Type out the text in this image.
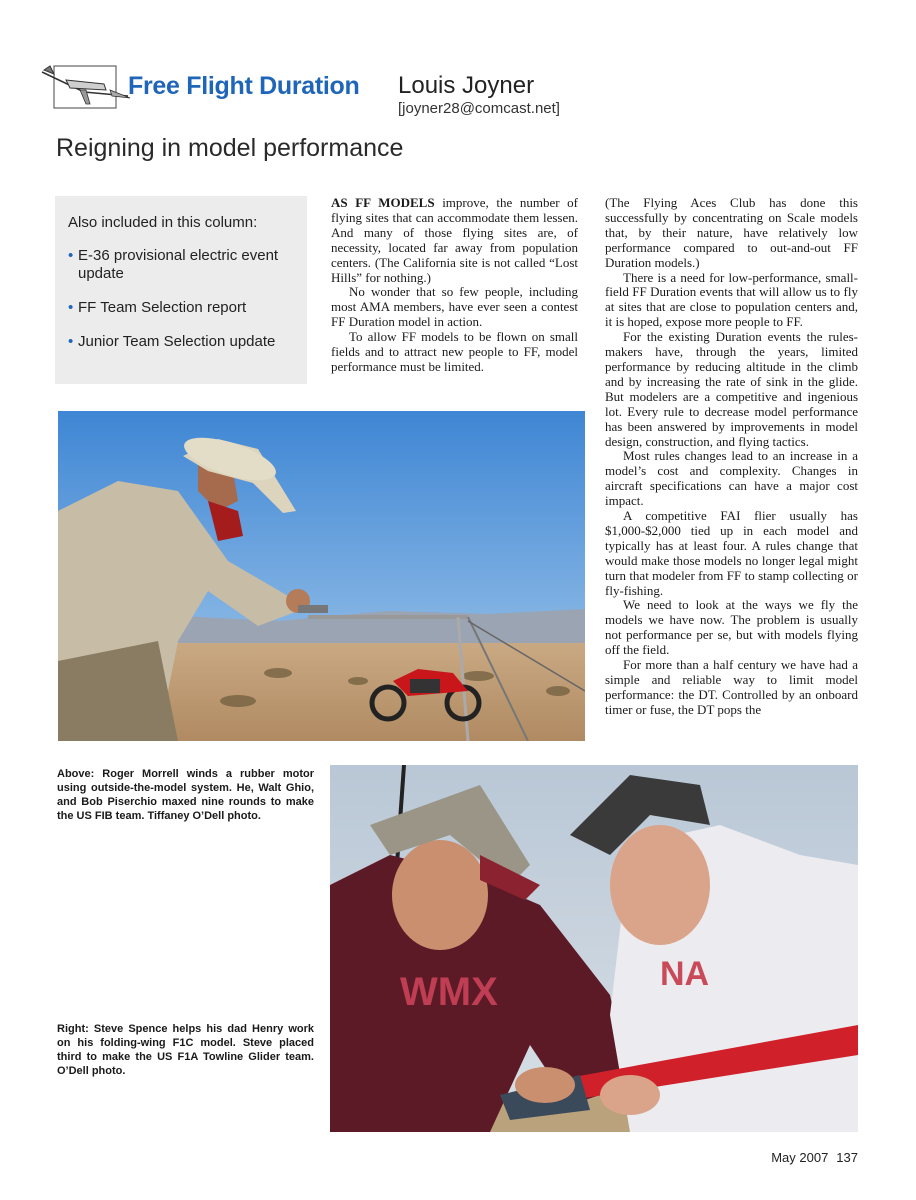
Free Flight Duration Louis Joyner
[joyner28@comcast.net]
Reigning in model performance
Also included in this column:
• E-36 provisional electric event update
• FF Team Selection report
• Junior Team Selection update

AS FF MODELS improve, the number of flying sites that can accommodate them lessen. And many of those flying sites are, of necessity, located far away from population centers. (The California site is not called “Lost Hills” for nothing.)

No wonder that so few people, including most AMA members, have ever seen a contest FF Duration model in action.

To allow FF models to be flown on small fields and to attract new people to FF, model performance must be limited.

(The Flying Aces Club has done this successfully by concentrating on Scale models that, by their nature, have relatively low performance compared to out-and-out FF Duration models.)

There is a need for low-performance, small-field FF Duration events that will allow us to fly at sites that are close to population centers and, it is hoped, expose more people to FF.

For the existing Duration events the rules-makers have, through the years, limited performance by reducing altitude in the climb and by increasing the rate of sink in the glide. But modelers are a competitive and ingenious lot. Every rule to decrease model performance has been answered by improvements in model design, construction, and flying tactics.

Most rules changes lead to an increase in a model’s cost and complexity. Changes in aircraft specifications can have a major cost impact.

A competitive FAI flier usually has $1,000-$2,000 tied up in each model and typically has at least four. A rules change that would make those models no longer legal might turn that modeler from FF to stamp collecting or fly-fishing.

We need to look at the ways we fly the models we have now. The problem is usually not performance per se, but with models flying off the field.

For more than a half century we have had a simple and reliable way to limit model performance: the DT. Controlled by an onboard timer or fuse, the DT pops the

Above: Roger Morrell winds a rubber motor using outside-the-model system. He, Walt Ghio, and Bob Piserchio maxed nine rounds to make the US FIB team. Tiffaney O’Dell photo.
WMX	NA
Right: Steve Spence helps his dad Henry work on his folding-wing F1C model. Steve placed third to make the US F1A Towline Glider team. O’Dell photo.
May 2007 137
